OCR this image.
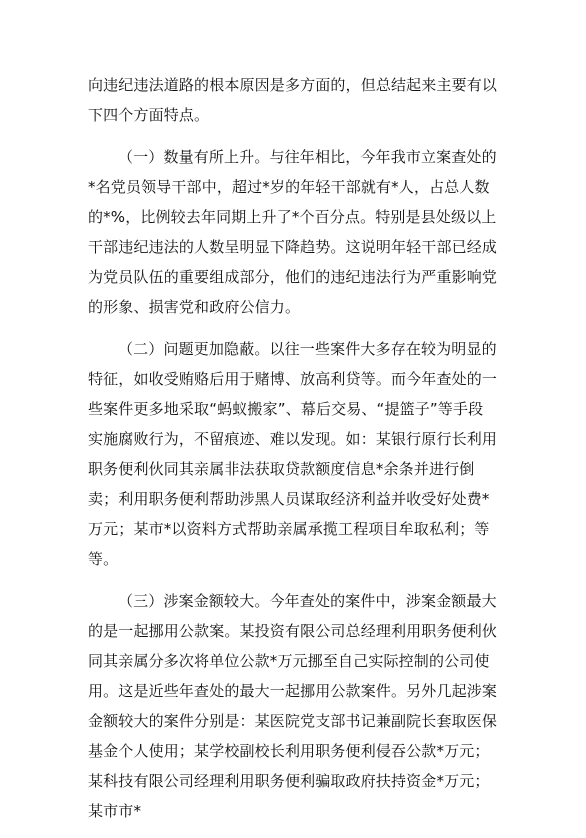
向违纪违法道路的根本原因是多方面的，但总结起来主要有以下四个方面特点。

（一）数量有所上升。与往年相比，今年我市立案查处的*名党员领导干部中，超过*岁的年轻干部就有*人，占总人数的*%，比例较去年同期上升了*个百分点。特别是县处级以上干部违纪违法的人数呈明显下降趋势。这说明年轻干部已经成为党员队伍的重要组成部分，他们的违纪违法行为严重影响党的形象、损害党和政府公信力。

（二）问题更加隐蔽。以往一些案件大多存在较为明显的特征，如收受贿赂后用于赌博、放高利贷等。而今年查处的一些案件更多地采取“蚂蚁搬家”、幕后交易、“提篮子”等手段实施腐败行为，不留痕迹、难以发现。如：某银行原行长利用职务便利伙同其亲属非法获取贷款额度信息*余条并进行倒卖；利用职务便利帮助涉黑人员谋取经济利益并收受好处费*万元；某市*以资料方式帮助亲属承揽工程项目牟取私利；等等。

（三）涉案金额较大。今年查处的案件中，涉案金额最大的是一起挪用公款案。某投资有限公司总经理利用职务便利伙同其亲属分多次将单位公款*万元挪至自己实际控制的公司使用。这是近些年查处的最大一起挪用公款案件。另外几起涉案金额较大的案件分别是：某医院党支部书记兼副院长套取医保基金个人使用；某学校副校长利用职务便利侵吞公款*万元；某科技有限公司经理利用职务便利骗取政府扶持资金*万元；某市市*
